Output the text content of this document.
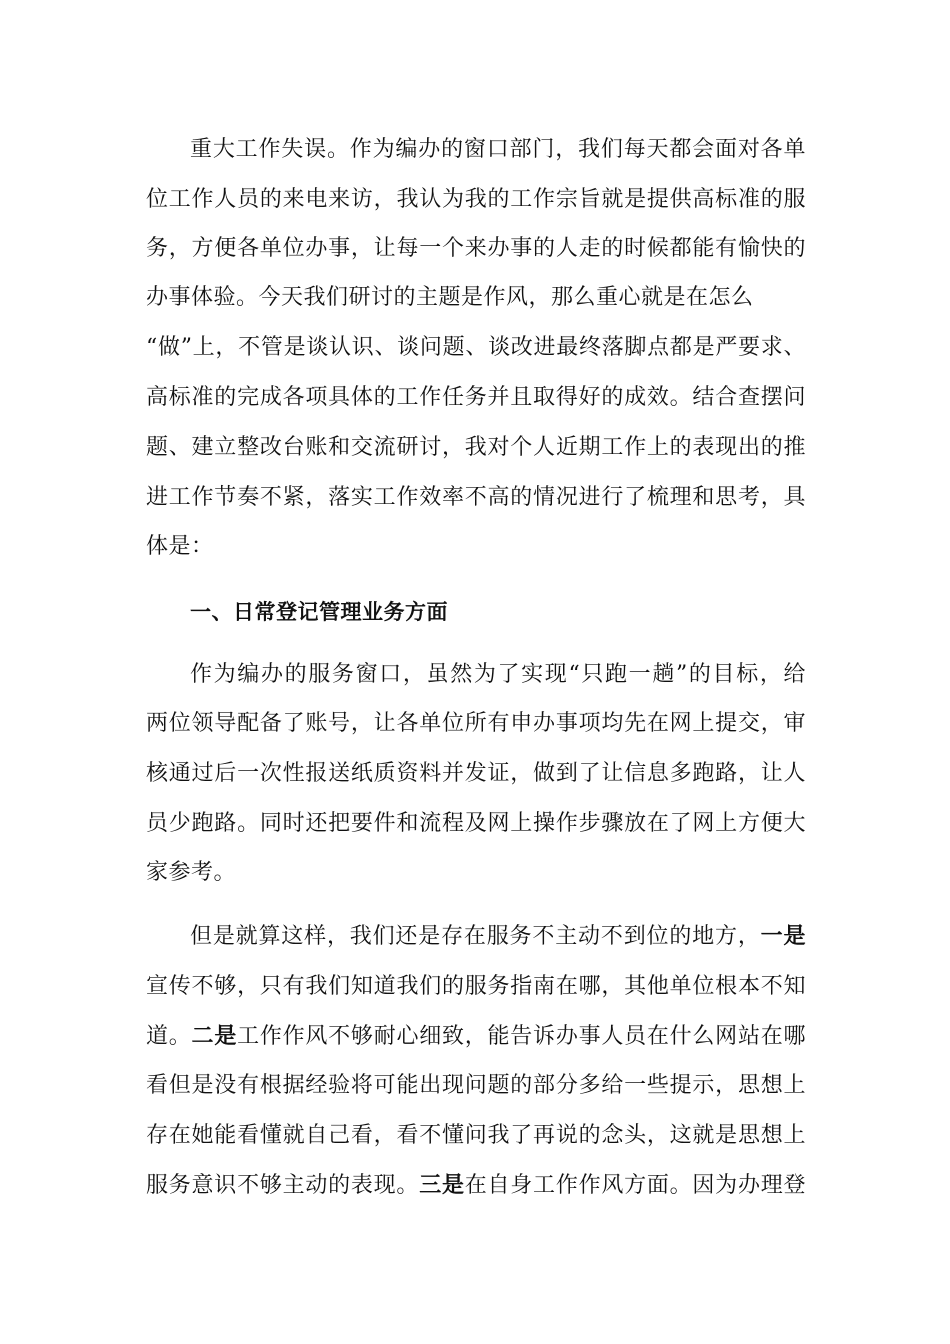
重大工作失误。作为编办的窗口部门，我们每天都会面对各单
位工作人员的来电来访，我认为我的工作宗旨就是提供高标准的服
务，方便各单位办事，让每一个来办事的人走的时候都能有愉快的
办事体验。今天我们研讨的主题是作风，那么重心就是在怎么
“做”上，不管是谈认识、谈问题、谈改进最终落脚点都是严要求、
高标准的完成各项具体的工作任务并且取得好的成效。结合查摆问
题、建立整改台账和交流研讨，我对个人近期工作上的表现出的推
进工作节奏不紧，落实工作效率不高的情况进行了梳理和思考，具
体是：
一、日常登记管理业务方面
作为编办的服务窗口，虽然为了实现“只跑一趟”的目标，给
两位领导配备了账号，让各单位所有申办事项均先在网上提交，审
核通过后一次性报送纸质资料并发证，做到了让信息多跑路，让人
员少跑路。同时还把要件和流程及网上操作步骤放在了网上方便大
家参考。
但是就算这样，我们还是存在服务不主动不到位的地方，一是
宣传不够，只有我们知道我们的服务指南在哪，其他单位根本不知
道。二是工作作风不够耐心细致，能告诉办事人员在什么网站在哪
看但是没有根据经验将可能出现问题的部分多给一些提示，思想上
存在她能看懂就自己看，看不懂问我了再说的念头，这就是思想上
服务意识不够主动的表现。三是在自身工作作风方面。因为办理登
